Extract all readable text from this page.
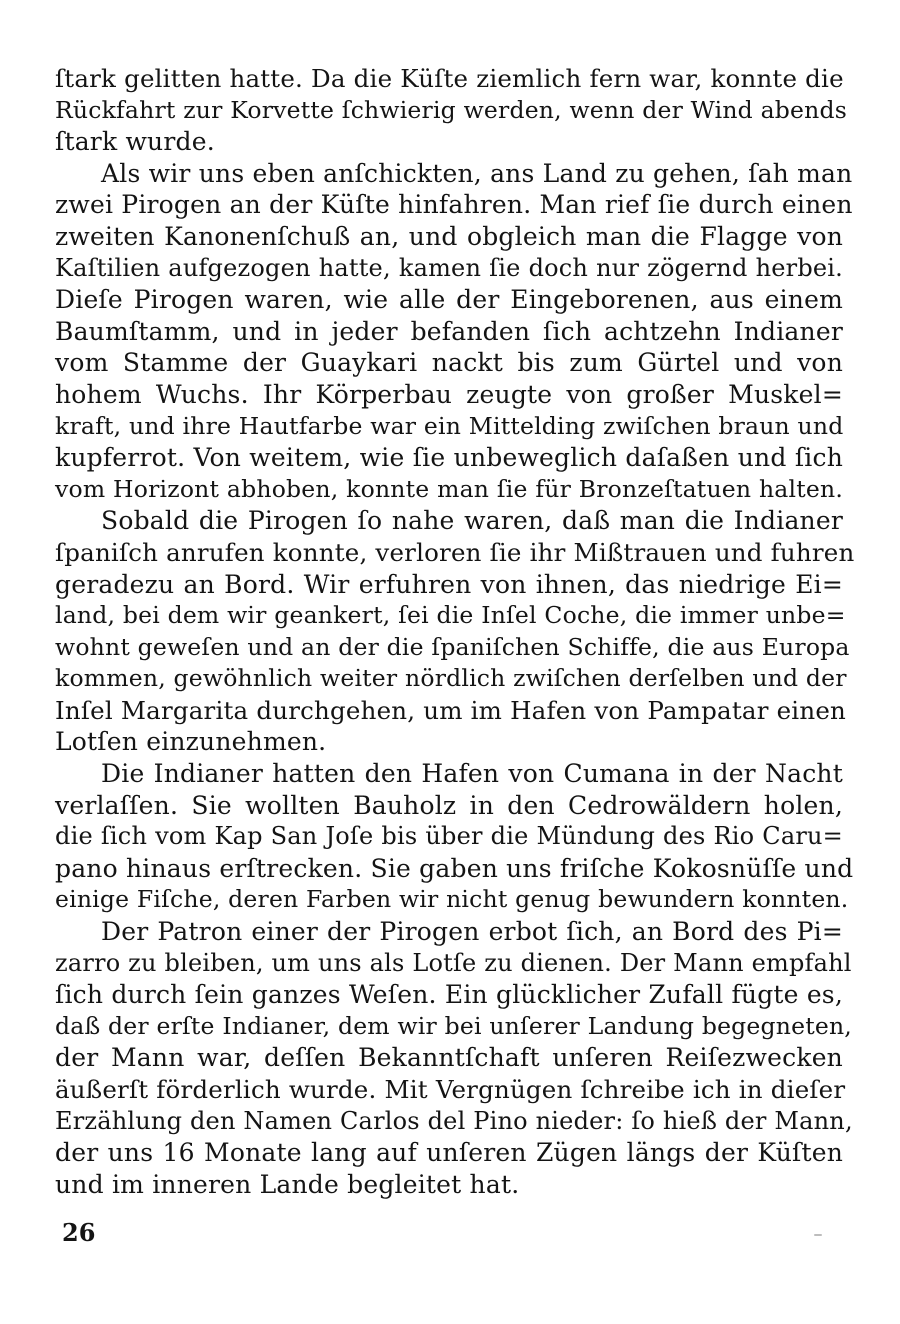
ſtark gelitten hatte. Da die Küſte ziemlich fern war, konnte die
Rückfahrt zur Korvette ſchwierig werden, wenn der Wind abends
ſtark wurde.
Als wir uns eben anſchickten, ans Land zu gehen, ſah man
zwei Pirogen an der Küſte hinfahren. Man rief ſie durch einen
zweiten Kanonenſchuß an, und obgleich man die Flagge von
Kaſtilien aufgezogen hatte, kamen ſie doch nur zögernd herbei.
Dieſe Pirogen waren, wie alle der Eingeborenen, aus einem
Baumſtamm, und in jeder befanden ſich achtzehn Indianer
vom Stamme der Guaykari nackt bis zum Gürtel und von
hohem Wuchs. Ihr Körperbau zeugte von großer Muskel=
kraft, und ihre Hautfarbe war ein Mittelding zwiſchen braun und
kupferrot. Von weitem, wie ſie unbeweglich daſaßen und ſich
vom Horizont abhoben, konnte man ſie für Bronzeſtatuen halten.
Sobald die Pirogen ſo nahe waren, daß man die Indianer
ſpaniſch anrufen konnte, verloren ſie ihr Mißtrauen und fuhren
geradezu an Bord. Wir erfuhren von ihnen, das niedrige Ei=
land, bei dem wir geankert, ſei die Inſel Coche, die immer unbe=
wohnt geweſen und an der die ſpaniſchen Schiffe, die aus Europa
kommen, gewöhnlich weiter nördlich zwiſchen derſelben und der
Inſel Margarita durchgehen, um im Hafen von Pampatar einen
Lotſen einzunehmen.
Die Indianer hatten den Hafen von Cumana in der Nacht
verlaſſen. Sie wollten Bauholz in den Cedrowäldern holen,
die ſich vom Kap San Joſe bis über die Mündung des Rio Caru=
pano hinaus erſtrecken. Sie gaben uns friſche Kokosnüſſe und
einige Fiſche, deren Farben wir nicht genug bewundern konnten.
Der Patron einer der Pirogen erbot ſich, an Bord des Pi=
zarro zu bleiben, um uns als Lotſe zu dienen. Der Mann empfahl
ſich durch ſein ganzes Weſen. Ein glücklicher Zufall fügte es,
daß der erſte Indianer, dem wir bei unſerer Landung begegneten,
der Mann war, deſſen Bekanntſchaft unſeren Reiſezwecken
äußerſt förderlich wurde. Mit Vergnügen ſchreibe ich in dieſer
Erzählung den Namen Carlos del Pino nieder: ſo hieß der Mann,
der uns 16 Monate lang auf unſeren Zügen längs der Küſten
und im inneren Lande begleitet hat.
26
